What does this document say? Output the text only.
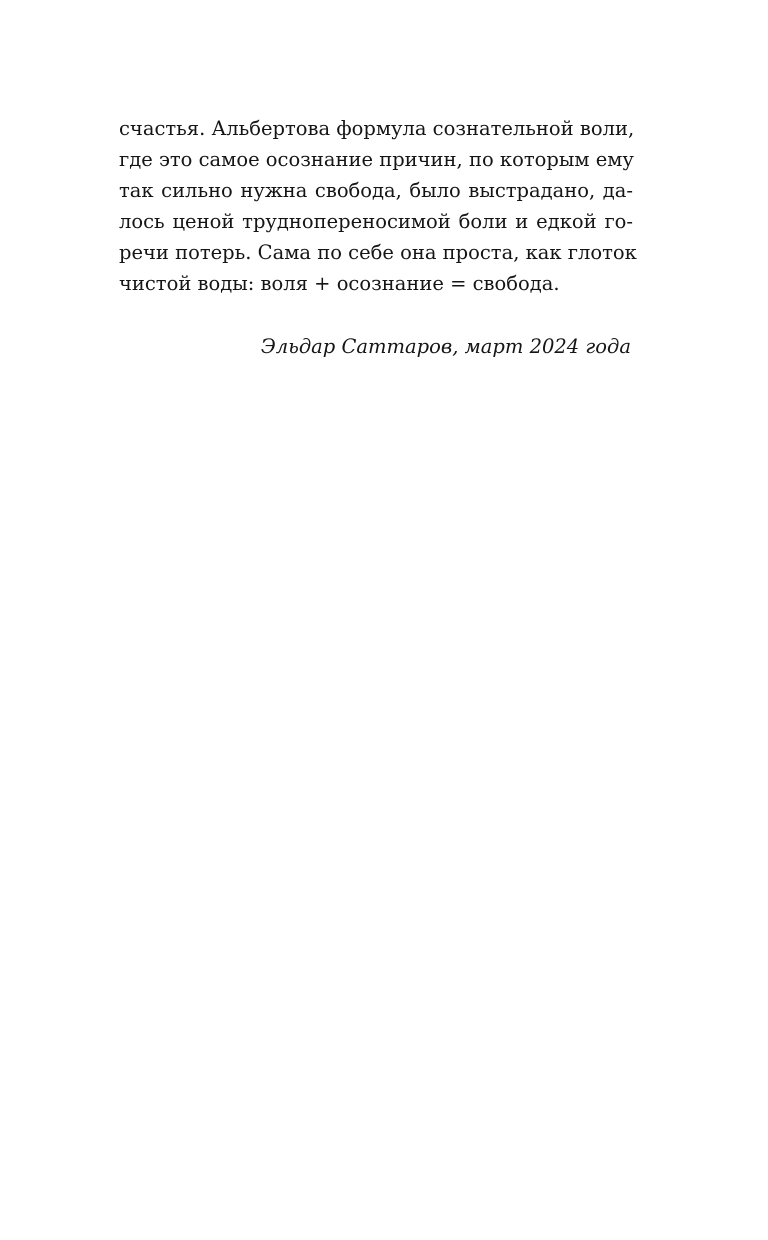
счастья. Альбертова формула сознательной воли,
где это самое осознание причин, по которым ему
так сильно нужна свобода, было выстрадано, да-
лось ценой труднопереносимой боли и едкой го-
речи потерь. Сама по себе она проста, как глоток
чистой воды: воля + осознание = свобода.
Эльдар Саттаров, март 2024 года
